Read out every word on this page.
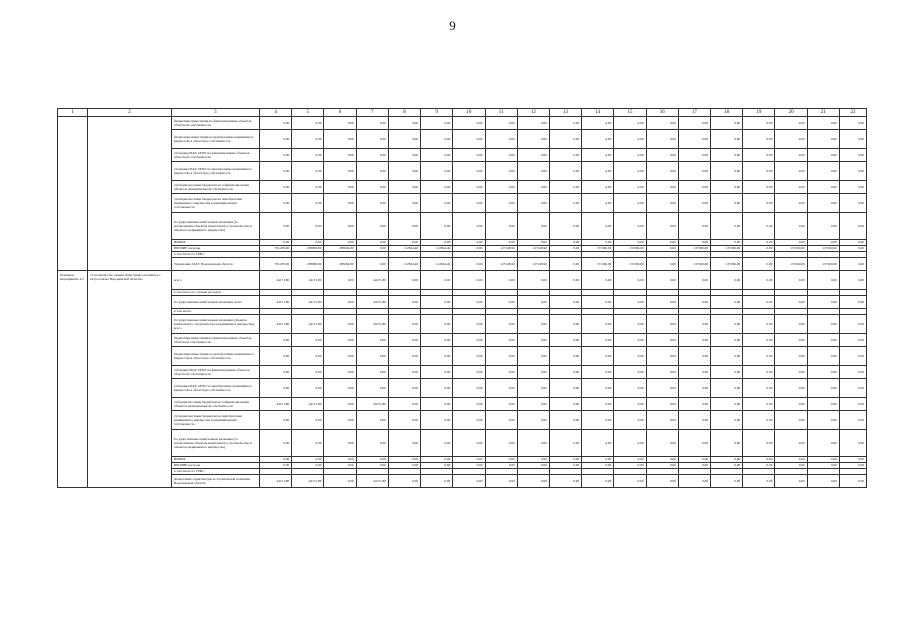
9
1	2	3	4	5	6	7	8	9	10	11	12	13	14	15	16	17	18	19	20	21	22
		бюджетные инвестиции на финансирование объектов областной собственности	0,00	0,00	0,00	0,00	0,00	0,00	0,00	0,00	0,00	0,00	0,00	0,00	0,00	0,00	0,00	0,00	0,00	0,00	0,00
		бюджетные инвестиции на приобретение недвижимого имущества в областную собственность	0,00	0,00	0,00	0,00	0,00	0,00	0,00	0,00	0,00	0,00	0,00	0,00	0,00	0,00	0,00	0,00	0,00	0,00	0,00
		субсидии ОГАУ, ОГБУ на финансирование объектов областной собственности	0,00	0,00	0,00	0,00	0,00	0,00	0,00	0,00	0,00	0,00	0,00	0,00	0,00	0,00	0,00	0,00	0,00	0,00	0,00
		субсидии ОГАУ, ОГБУ на приобретение недвижимого имущества в областную собственность	0,00	0,00	0,00	0,00	0,00	0,00	0,00	0,00	0,00	0,00	0,00	0,00	0,00	0,00	0,00	0,00	0,00	0,00	0,00
		субсидии местным бюджетам на софинансирование объектов муниципальной собственности	0,00	0,00	0,00	0,00	0,00	0,00	0,00	0,00	0,00	0,00	0,00	0,00	0,00	0,00	0,00	0,00	0,00	0,00	0,00
		субсидии местным бюджетам на приобретение недвижимого имущества в муниципальную собственность	0,00	0,00	0,00	0,00	0,00	0,00	0,00	0,00	0,00	0,00	0,00	0,00	0,00	0,00	0,00	0,00	0,00	0,00	0,00
		Государственные капитальные вложения (за исключением объектов капитального строительства и объектов недвижимого имущества)	0,00	0,00	0,00	0,00	0,00	0,00	0,00	0,00	0,00	0,00	0,00	0,00	0,00	0,00	0,00	0,00	0,00	0,00	0,00
		НИОКР	0,00	0,00	0,00	0,00	0,00	0,00	0,00	0,00	0,00	0,00	0,00	0,00	0,00	0,00	0,00	0,00	0,00	0,00	0,00
		ПРОЧИЕ расходы	791478,90	258896,80	285994,80	0,00	112824,40	112824,40	0,00	127148,90	127148,90	0,00	137260,00	137260,00	0,00	137260,00	137260,00	0,00	137260,00	137260,00	0,00
		в том числе по ГРБС:																			
		Управление ЗАГС Воронежской области	791478,90	258896,80	285994,80	0,00	112824,40	112824,40	0,00	127148,90	127148,90	0,00	137260,00	137260,00	0,00	137260,00	137260,00	0,00	137260,00	137260,00	0,00
Основное мероприятие 4.2	«Строительство здания Дома бракосочетания в г. Острогожске Воронежской области»	всего	44171,80	44171,80	0,00	44171,80	0,00	0,00	0,00	0,00	0,00	0,00	0,00	0,00	0,00	0,00	0,00	0,00	0,00	0,00	0,00
		в том числе по статьям расходов:																			
		Государственные капитальные вложения, всего	44171,80	44171,80	0,00	44171,80	0,00	0,00	0,00	0,00	0,00	0,00	0,00	0,00	0,00	0,00	0,00	0,00	0,00	0,00	0,00
		в том числе:																			
		Государственные капитальные вложения (объекты капитального строительства и недвижимое имущество), всего	44171,80	44171,80	0,00	44171,80	0,00	0,00	0,00	0,00	0,00	0,00	0,00	0,00	0,00	0,00	0,00	0,00	0,00	0,00	0,00
		бюджетные инвестиции на финансирование объектов областной собственности	0,00	0,00	0,00	0,00	0,00	0,00	0,00	0,00	0,00	0,00	0,00	0,00	0,00	0,00	0,00	0,00	0,00	0,00	0,00
		бюджетные инвестиции на приобретение недвижимого имущества в областную собственность	0,00	0,00	0,00	0,00	0,00	0,00	0,00	0,00	0,00	0,00	0,00	0,00	0,00	0,00	0,00	0,00	0,00	0,00	0,00
		субсидии ОГАУ, ОГБУ на финансирование объектов областной собственности	0,00	0,00	0,00	0,00	0,00	0,00	0,00	0,00	0,00	0,00	0,00	0,00	0,00	0,00	0,00	0,00	0,00	0,00	0,00
		субсидии ОГАУ, ОГБУ на приобретение недвижимого имущества в областную собственность	0,00	0,00	0,00	0,00	0,00	0,00	0,00	0,00	0,00	0,00	0,00	0,00	0,00	0,00	0,00	0,00	0,00	0,00	0,00
		субсидии местным бюджетам на софинансирование объектов муниципальной собственности	44171,80	44171,80	0,00	44171,80	0,00	0,00	0,00	0,00	0,00	0,00	0,00	0,00	0,00	0,00	0,00	0,00	0,00	0,00	0,00
		субсидии местным бюджетам на приобретение недвижимого имущества в муниципальную собственность	0,00	0,00	0,00	0,00	0,00	0,00	0,00	0,00	0,00	0,00	0,00	0,00	0,00	0,00	0,00	0,00	0,00	0,00	0,00
		Государственные капитальные вложения (за исключением объектов капитального строительства и объектов недвижимого имущества)	0,00	0,00	0,00	0,00	0,00	0,00	0,00	0,00	0,00	0,00	0,00	0,00	0,00	0,00	0,00	0,00	0,00	0,00	0,00
		НИОКР	0,00	0,00	0,00	0,00	0,00	0,00	0,00	0,00	0,00	0,00	0,00	0,00	0,00	0,00	0,00	0,00	0,00	0,00	0,00
		ПРОЧИЕ расходы	0,00	0,00	0,00	0,00	0,00	0,00	0,00	0,00	0,00	0,00	0,00	0,00	0,00	0,00	0,00	0,00	0,00	0,00	0,00
		в том числе по ГРБС:																			
		Департамент архитектуры и строительной политики Воронежской области	44171,80	44171,80	0,00	44171,80	0,00	0,00	0,00	0,00	0,00	0,00	0,00	0,00	0,00	0,00	0,00	0,00	0,00	0,00	0,00
